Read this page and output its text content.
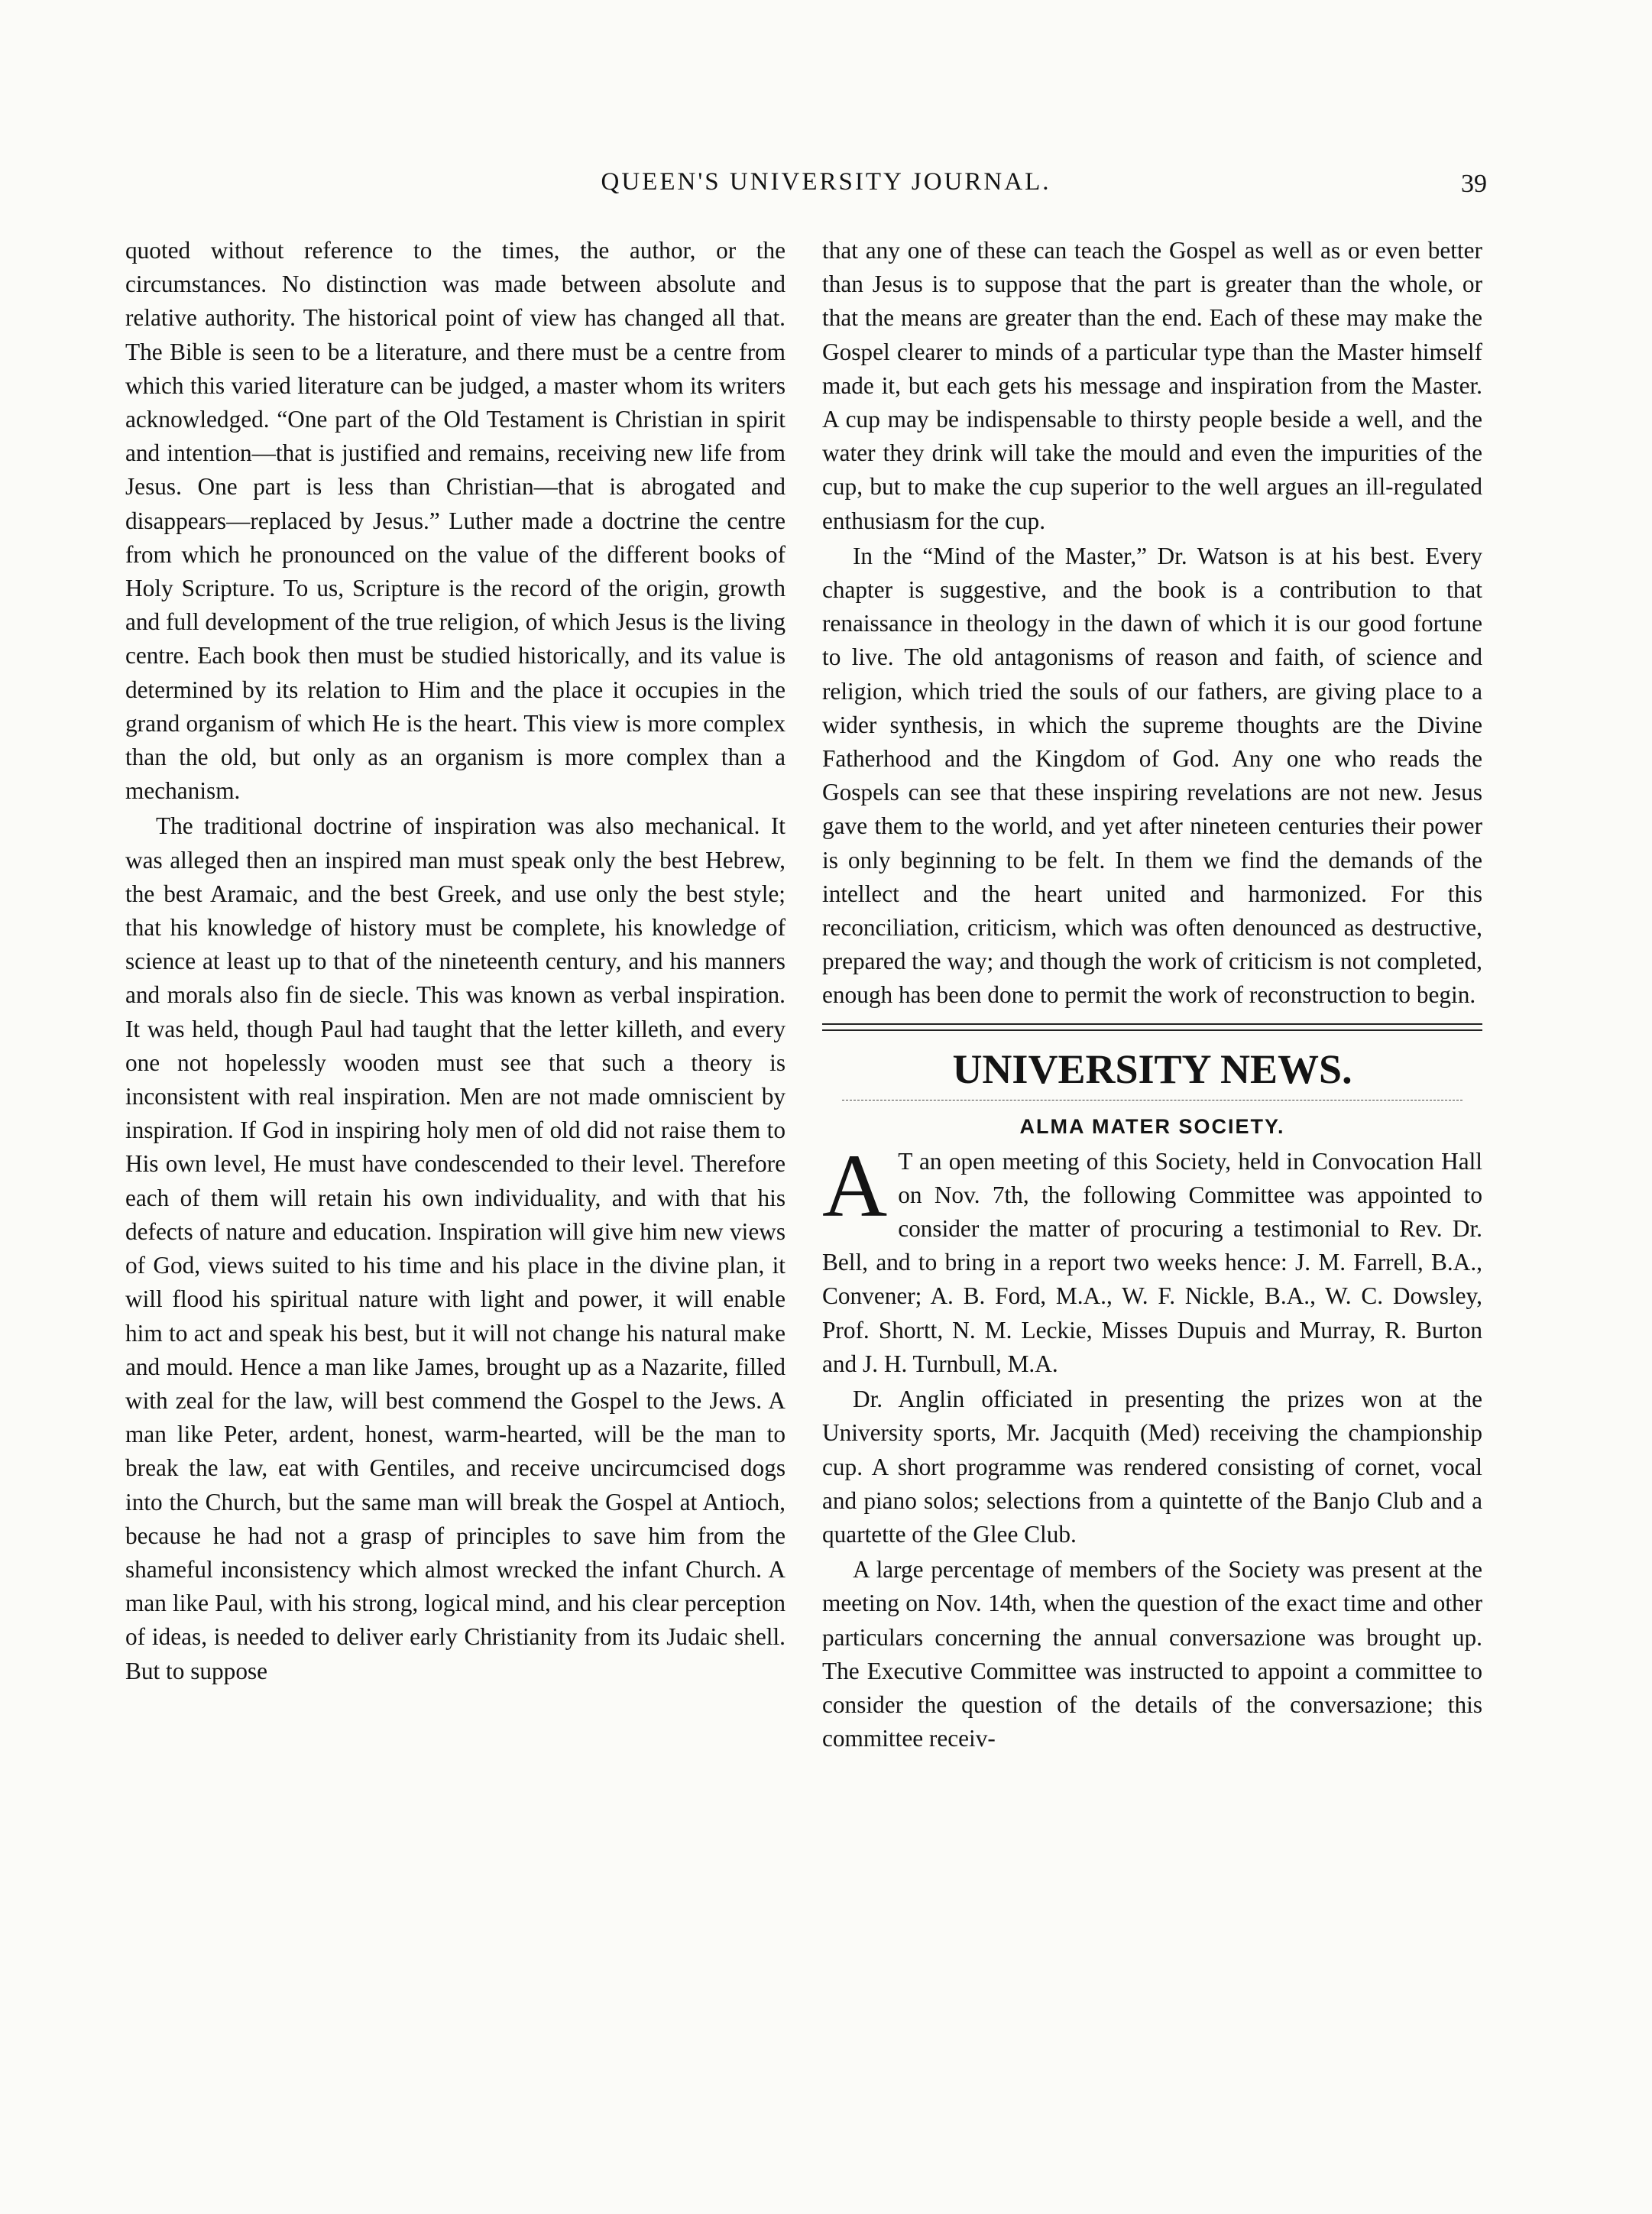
QUEEN'S UNIVERSITY JOURNAL.	39

quoted without reference to the times, the author, or the circumstances. No distinction was made between absolute and relative authority. The historical point of view has changed all that. The Bible is seen to be a literature, and there must be a centre from which this varied literature can be judged, a master whom its writers acknowledged. “One part of the Old Testament is Christian in spirit and intention—that is justified and remains, receiving new life from Jesus. One part is less than Christian—that is abrogated and disappears—replaced by Jesus.” Luther made a doctrine the centre from which he pronounced on the value of the different books of Holy Scripture. To us, Scripture is the record of the origin, growth and full development of the true religion, of which Jesus is the living centre. Each book then must be studied historically, and its value is determined by its relation to Him and the place it occupies in the grand organism of which He is the heart. This view is more complex than the old, but only as an organism is more complex than a mechanism.

The traditional doctrine of inspiration was also mechanical. It was alleged then an inspired man must speak only the best Hebrew, the best Aramaic, and the best Greek, and use only the best style; that his knowledge of history must be complete, his knowledge of science at least up to that of the nineteenth century, and his manners and morals also fin de siecle. This was known as verbal inspiration. It was held, though Paul had taught that the letter killeth, and every one not hopelessly wooden must see that such a theory is inconsistent with real inspiration. Men are not made omniscient by inspiration. If God in inspiring holy men of old did not raise them to His own level, He must have condescended to their level. Therefore each of them will retain his own individuality, and with that his defects of nature and education. Inspiration will give him new views of God, views suited to his time and his place in the divine plan, it will flood his spiritual nature with light and power, it will enable him to act and speak his best, but it will not change his natural make and mould. Hence a man like James, brought up as a Nazarite, filled with zeal for the law, will best commend the Gospel to the Jews. A man like Peter, ardent, honest, warm-hearted, will be the man to break the law, eat with Gentiles, and receive uncircumcised dogs into the Church, but the same man will break the Gospel at Antioch, because he had not a grasp of principles to save him from the shameful inconsistency which almost wrecked the infant Church. A man like Paul, with his strong, logical mind, and his clear perception of ideas, is needed to deliver early Christianity from its Judaic shell. But to suppose

that any one of these can teach the Gospel as well as or even better than Jesus is to suppose that the part is greater than the whole, or that the means are greater than the end. Each of these may make the Gospel clearer to minds of a particular type than the Master himself made it, but each gets his message and inspiration from the Master. A cup may be indispensable to thirsty people beside a well, and the water they drink will take the mould and even the impurities of the cup, but to make the cup superior to the well argues an ill-regulated enthusiasm for the cup.

In the “Mind of the Master,” Dr. Watson is at his best. Every chapter is suggestive, and the book is a contribution to that renaissance in theology in the dawn of which it is our good fortune to live. The old antagonisms of reason and faith, of science and religion, which tried the souls of our fathers, are giving place to a wider synthesis, in which the supreme thoughts are the Divine Fatherhood and the Kingdom of God. Any one who reads the Gospels can see that these inspiring revelations are not new. Jesus gave them to the world, and yet after nineteen centuries their power is only beginning to be felt. In them we find the demands of the intellect and the heart united and harmonized. For this reconciliation, criticism, which was often denounced as destructive, prepared the way; and though the work of criticism is not completed, enough has been done to permit the work of reconstruction to begin.

UNIVERSITY NEWS.
ALMA MATER SOCIETY.

A T an open meeting of this Society, held in Convocation Hall on Nov. 7th, the following Committee was appointed to consider the matter of procuring a testimonial to Rev. Dr. Bell, and to bring in a report two weeks hence: J. M. Farrell, B.A., Convener; A. B. Ford, M.A., W. F. Nickle, B.A., W. C. Dowsley, Prof. Shortt, N. M. Leckie, Misses Dupuis and Murray, R. Burton and J. H. Turnbull, M.A.

Dr. Anglin officiated in presenting the prizes won at the University sports, Mr. Jacquith (Med) receiving the championship cup. A short programme was rendered consisting of cornet, vocal and piano solos; selections from a quintette of the Banjo Club and a quartette of the Glee Club.

A large percentage of members of the Society was present at the meeting on Nov. 14th, when the question of the exact time and other particulars concerning the annual conversazione was brought up. The Executive Committee was instructed to appoint a committee to consider the question of the details of the conversazione; this committee receiv-
